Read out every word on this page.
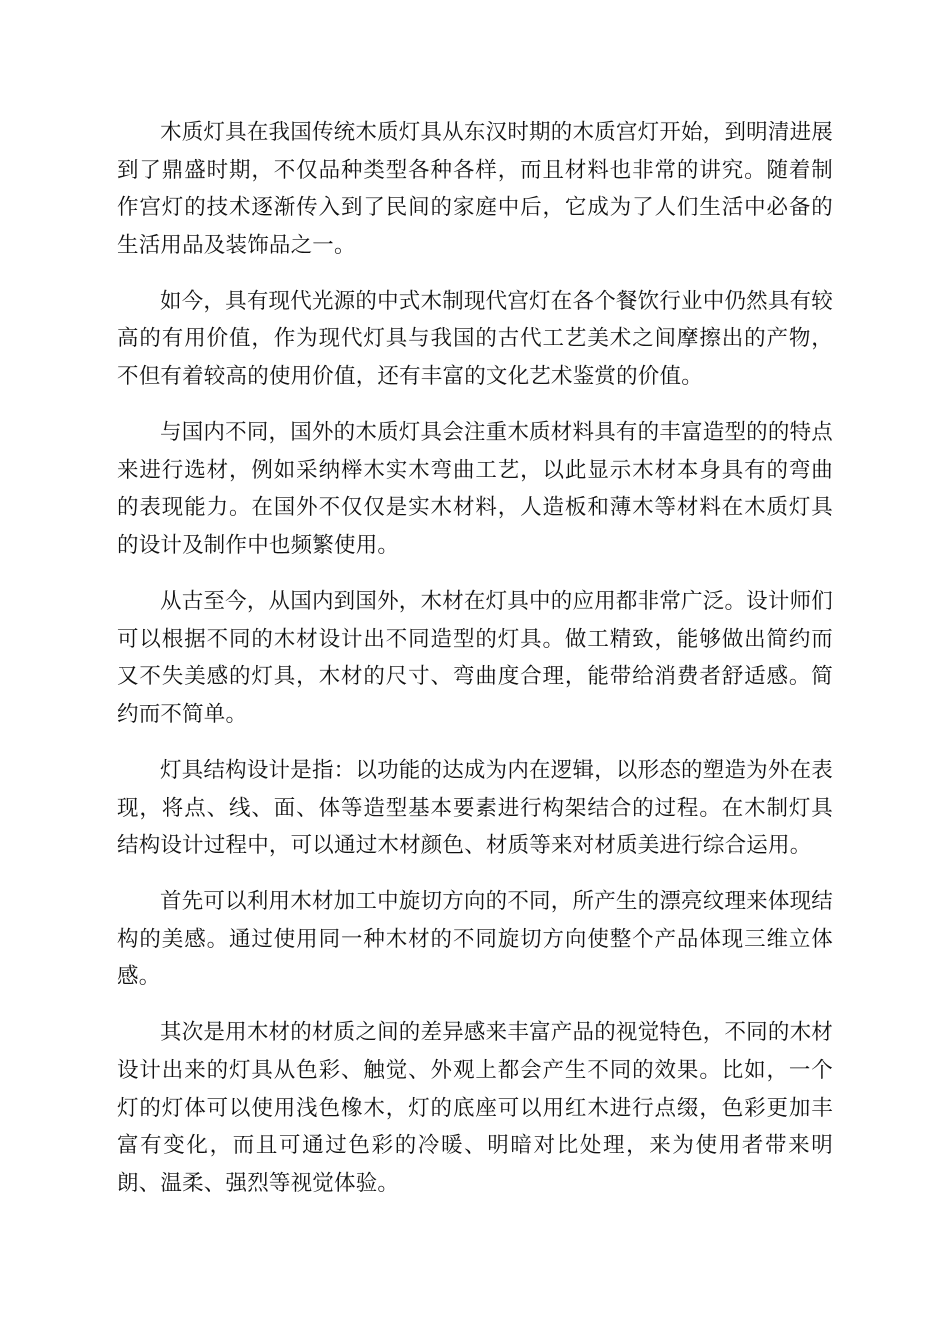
木质灯具在我国传统木质灯具从东汉时期的木质宫灯开始，到明清进展到了鼎盛时期，不仅品种类型各种各样，而且材料也非常的讲究。随着制作宫灯的技术逐渐传入到了民间的家庭中后，它成为了人们生活中必备的生活用品及装饰品之一。

如今，具有现代光源的中式木制现代宫灯在各个餐饮行业中仍然具有较高的有用价值，作为现代灯具与我国的古代工艺美术之间摩擦出的产物，不但有着较高的使用价值，还有丰富的文化艺术鉴赏的价值。

与国内不同，国外的木质灯具会注重木质材料具有的丰富造型的的特点来进行选材，例如采纳榉木实木弯曲工艺，以此显示木材本身具有的弯曲的表现能力。在国外不仅仅是实木材料，人造板和薄木等材料在木质灯具的设计及制作中也频繁使用。

从古至今，从国内到国外，木材在灯具中的应用都非常广泛。设计师们可以根据不同的木材设计出不同造型的灯具。做工精致，能够做出简约而又不失美感的灯具，木材的尺寸、弯曲度合理，能带给消费者舒适感。简约而不简单。

灯具结构设计是指：以功能的达成为内在逻辑，以形态的塑造为外在表现，将点、线、面、体等造型基本要素进行构架结合的过程。在木制灯具结构设计过程中，可以通过木材颜色、材质等来对材质美进行综合运用。

首先可以利用木材加工中旋切方向的不同，所产生的漂亮纹理来体现结构的美感。通过使用同一种木材的不同旋切方向使整个产品体现三维立体感。

其次是用木材的材质之间的差异感来丰富产品的视觉特色，不同的木材设计出来的灯具从色彩、触觉、外观上都会产生不同的效果。比如，一个灯的灯体可以使用浅色橡木，灯的底座可以用红木进行点缀，色彩更加丰富有变化，而且可通过色彩的冷暖、明暗对比处理，来为使用者带来明朗、温柔、强烈等视觉体验。
